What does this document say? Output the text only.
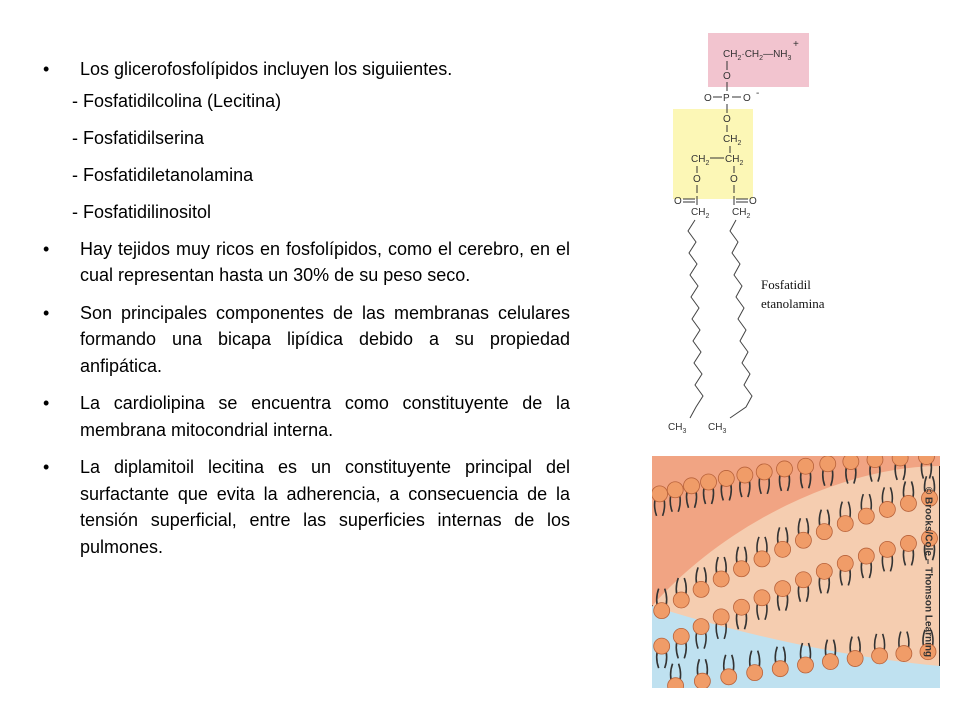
• Los glicerofosfolípidos incluyen los siguiientes.

- Fosfatidilcolina (Lecitina)
- Fosfatidilserina
- Fosfatidiletanolamina
- Fosfatidilinositol

• Hay tejidos muy ricos en fosfolípidos, como el cerebro, en el cual representan hasta un 30% de su peso seco.

• Son principales componentes de las membranas celulares formando una bicapa lipídica debido a su propiedad anfipática.

• La cardiolipina se encuentra como constituyente de la membrana mitocondrial interna.

• La diplamitoil lecitina es un constituyente principal del surfactante que evita la adherencia, a consecuencia de la tensión superficial, entre las superficies internas de los pulmones.

$CH_2\cdot CH_2—NH_3$
+
O
O P O -
O
$CH_2$
$CH_2$ $CH_2$
O	O
O	O
$CH_2$ $CH_2$
$CH_3$ $CH_3$
Fosfatidil
etanolamina
© Brooks/Cole – Thomson Learning
